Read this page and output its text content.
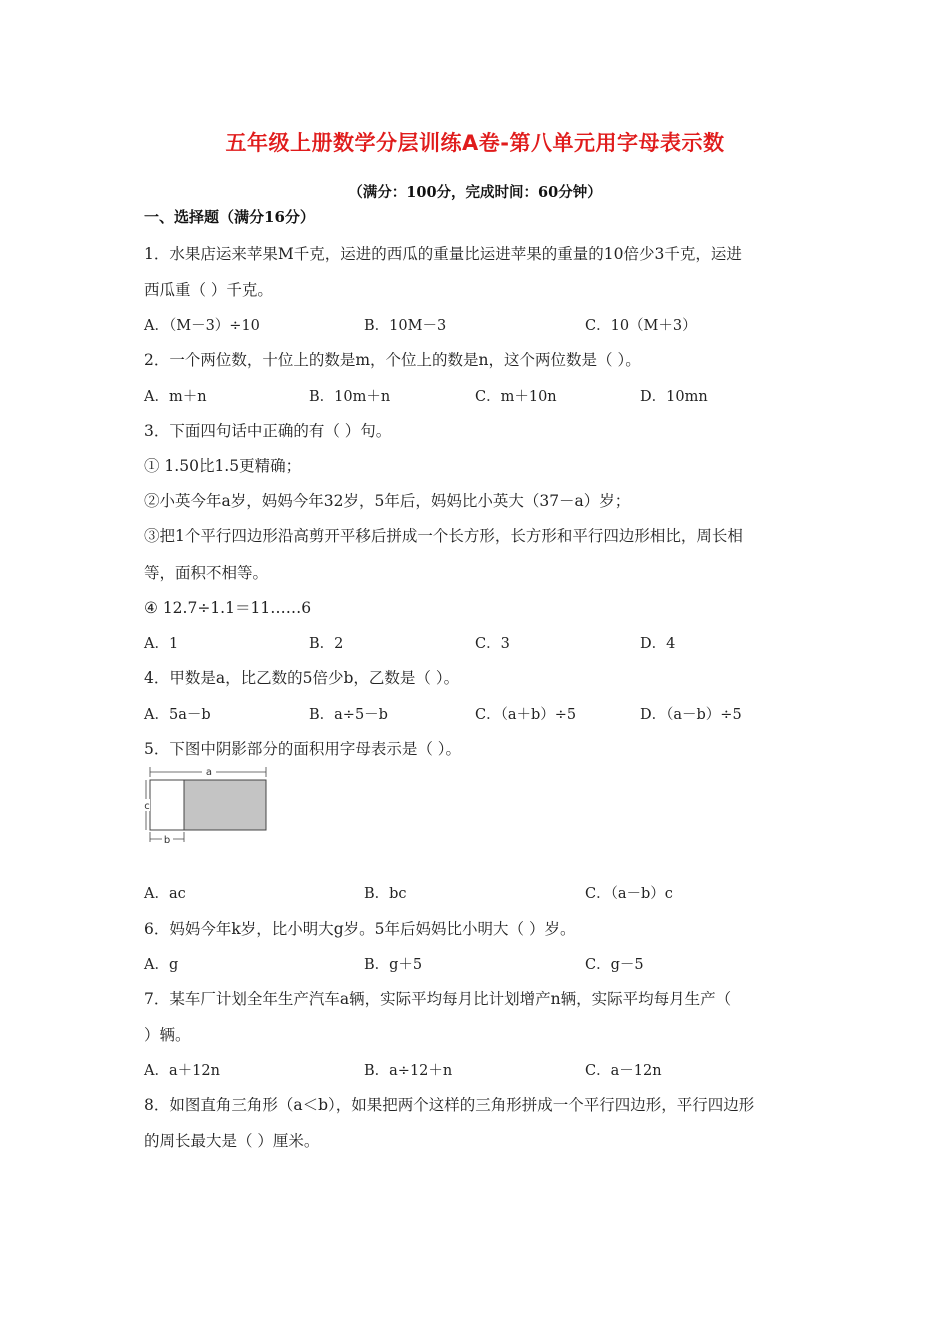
五年级上册数学分层训练A卷-第八单元用字母表示数
（满分：100分，完成时间：60分钟）
一、选择题（满分16分）
1．水果店运来苹果M千克，运进的西瓜的重量比运进苹果的重量的10倍少3千克，运进
西瓜重（ ）千克。
A．（M－3）÷10	B．10M－3	C．10（M＋3）
2．一个两位数，十位上的数是m，个位上的数是n，这个两位数是（ ）。
A．m＋n	B．10m＋n	C．m＋10n	D．10mn
3．下面四句话中正确的有（ ）句。
① 1.50比1.5更精确；
②小英今年a岁，妈妈今年32岁，5年后，妈妈比小英大（37－a）岁；
③把1个平行四边形沿高剪开平移后拼成一个长方形，长方形和平行四边形相比，周长相
等，面积不相等。
④ 12.7÷1.1＝11……6
A．1	B．2	C．3	D．4
4．甲数是a，比乙数的5倍少b，乙数是（ ）。
A．5a－b	B．a÷5－b	C．（a＋b）÷5	D．（a－b）÷5
5．下图中阴影部分的面积用字母表示是（ ）。
a
c
b
A．ac	B．bc	C．（a－b）c
6．妈妈今年k岁，比小明大g岁。5年后妈妈比小明大（ ）岁。
A．g	B．g＋5	C．g－5
7．某车厂计划全年生产汽车a辆，实际平均每月比计划增产n辆，实际平均每月生产（
）辆。
A．a＋12n	B．a÷12＋n	C．a－12n
8．如图直角三角形（a＜b），如果把两个这样的三角形拼成一个平行四边形，平行四边形
的周长最大是（ ）厘米。
